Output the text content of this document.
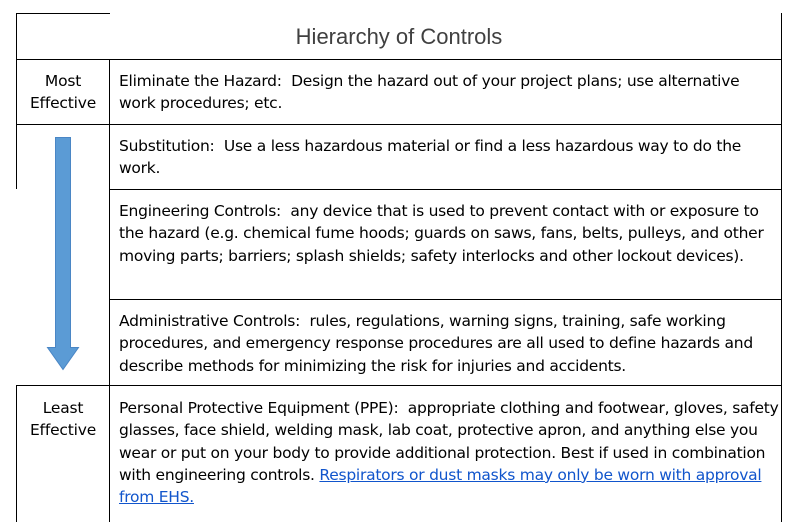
Hierarchy of Controls
Most
Effective
Least
Effective
Eliminate the Hazard: Design the hazard out of your project plans; use alternative work procedures; etc.
Substitution: Use a less hazardous material or find a less hazardous way to do the work.
Engineering Controls: any device that is used to prevent contact with or exposure to the hazard (e.g. chemical fume hoods; guards on saws, fans, belts, pulleys, and other moving parts; barriers; splash shields; safety interlocks and other lockout devices).
Administrative Controls: rules, regulations, warning signs, training, safe working procedures, and emergency response procedures are all used to define hazards and describe methods for minimizing the risk for injuries and accidents.
Personal Protective Equipment (PPE): appropriate clothing and footwear, gloves, safety glasses, face shield, welding mask, lab coat, protective apron, and anything else you wear or put on your body to provide additional protection. Best if used in combination with engineering controls. Respirators or dust masks may only be worn with approval from EHS.
